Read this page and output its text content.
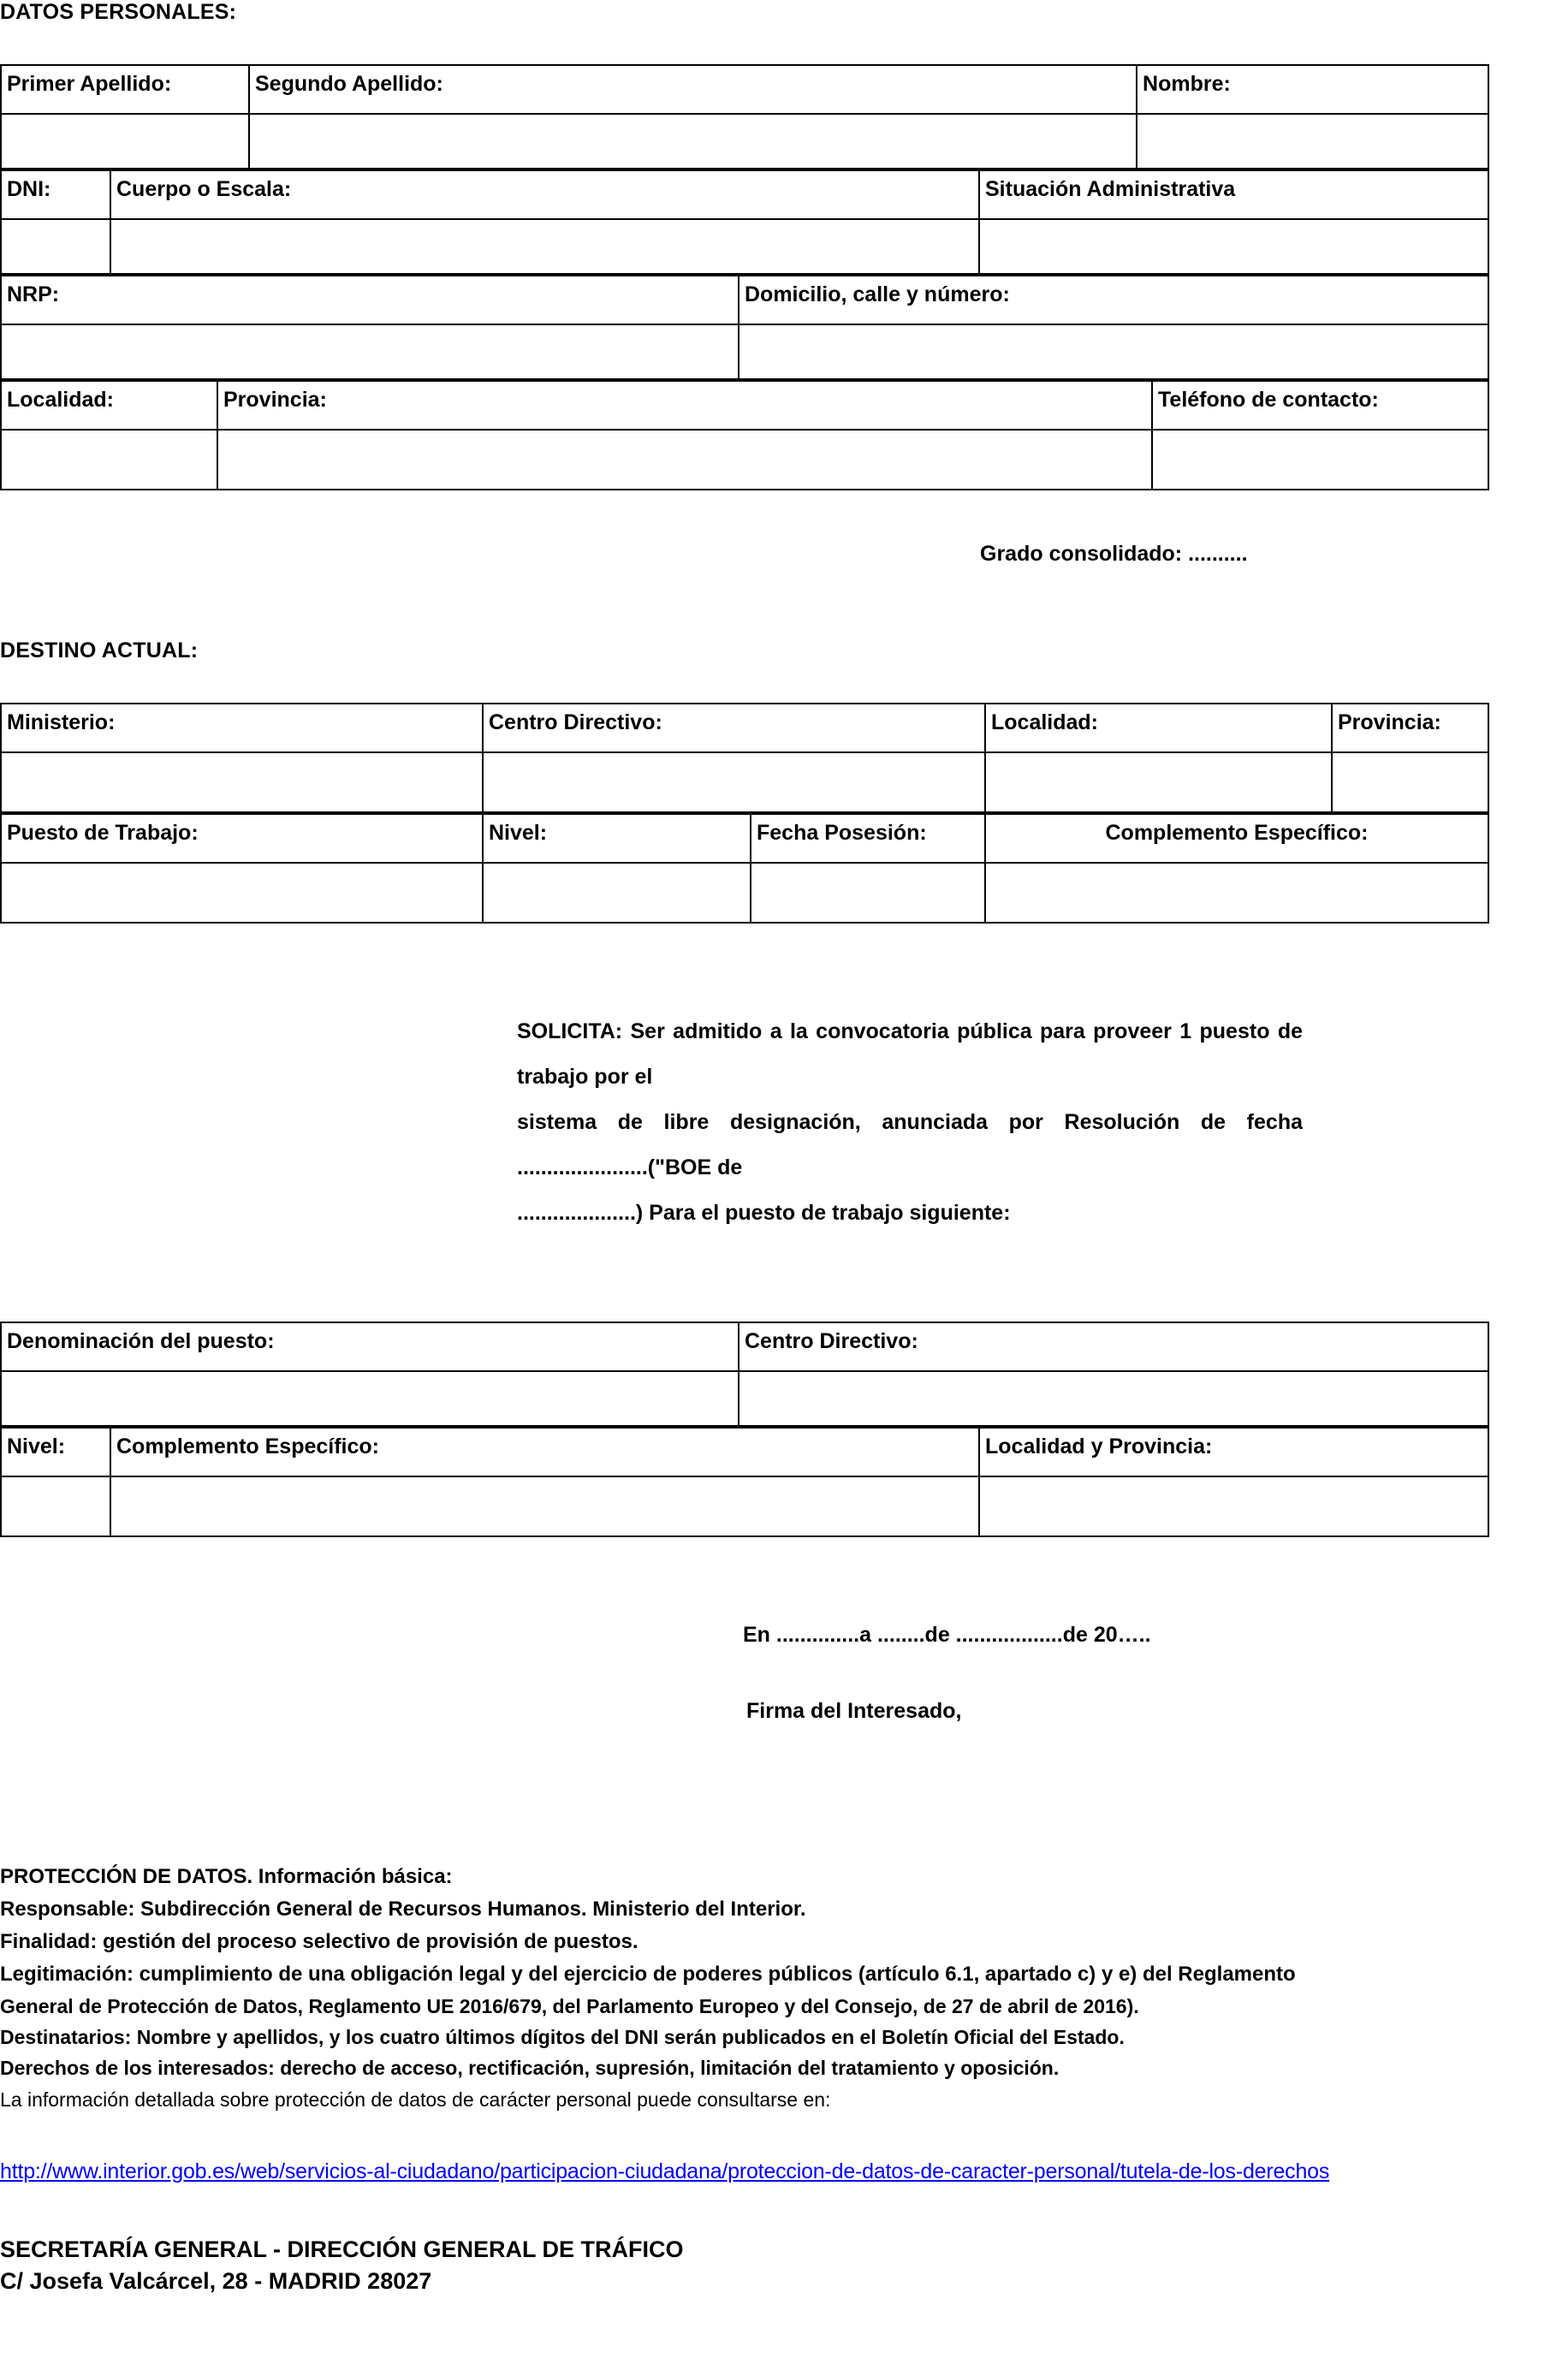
DATOS PERSONALES:
Primer Apellido:	Segundo Apellido:	Nombre:

DNI:	Cuerpo o Escala:	Situación Administrativa

NRP:	Domicilio, calle y número:

Localidad:	Provincia:	Teléfono de contacto:

Grado consolidado: ..........
DESTINO ACTUAL:
Ministerio:	Centro Directivo:	Localidad:	Provincia:

Puesto de Trabajo:	Nivel:	Fecha Posesión:	Complemento Específico:

SOLICITA: Ser admitido a la convocatoria pública para proveer 1 puesto de trabajo por el

sistema de libre designación, anunciada por Resolución de fecha ......................("BOE de

....................) Para el puesto de trabajo siguiente:

Denominación del puesto:	Centro Directivo:

Nivel:	Complemento Específico:	Localidad y Provincia:

En ..............a ........de ..................de 20…..
Firma del Interesado,
PROTECCIÓN DE DATOS. Información básica:
Responsable: Subdirección General de Recursos Humanos. Ministerio del Interior.
Finalidad: gestión del proceso selectivo de provisión de puestos.
Legitimación: cumplimiento de una obligación legal y del ejercicio de poderes públicos (artículo 6.1, apartado c) y e) del Reglamento
General de Protección de Datos, Reglamento UE 2016/679, del Parlamento Europeo y del Consejo, de 27 de abril de 2016).
Destinatarios: Nombre y apellidos, y los cuatro últimos dígitos del DNI serán publicados en el Boletín Oficial del Estado.
Derechos de los interesados: derecho de acceso, rectificación, supresión, limitación del tratamiento y oposición.
La información detallada sobre protección de datos de carácter personal puede consultarse en:
http://www.interior.gob.es/web/servicios-al-ciudadano/participacion-ciudadana/proteccion-de-datos-de-caracter-personal/tutela-de-los-derechos
SECRETARÍA GENERAL - DIRECCIÓN GENERAL DE TRÁFICO
C/ Josefa Valcárcel, 28 - MADRID 28027
